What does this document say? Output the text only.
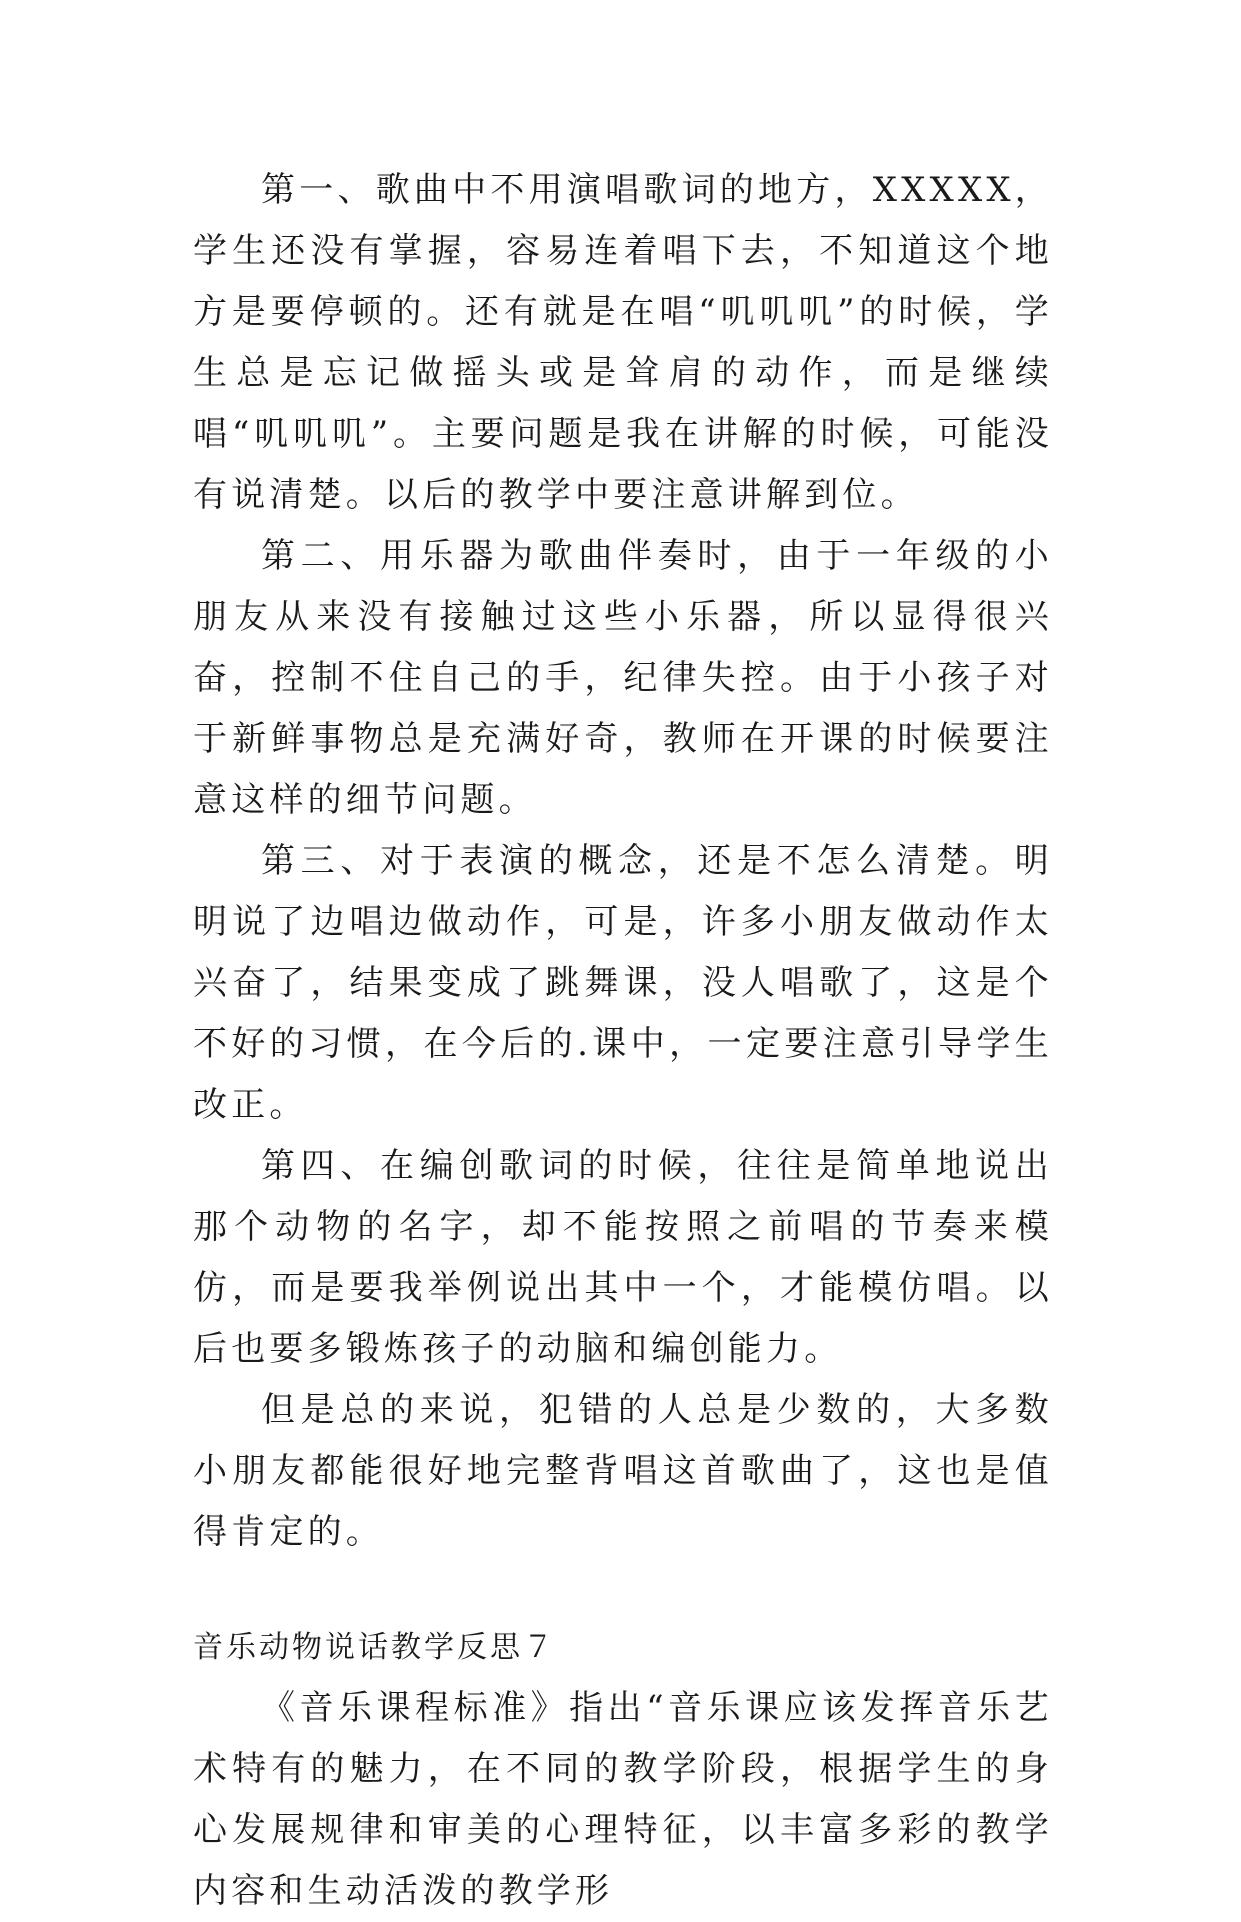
第一、歌曲中不用演唱歌词的地方，XXXXX，学生还没有掌握，容易连着唱下去，不知道这个地方是要停顿的。还有就是在唱“叽叽叽”的时候，学生总是忘记做摇头或是耸肩的动作，而是继续唱“叽叽叽”。主要问题是我在讲解的时候，可能没有说清楚。以后的教学中要注意讲解到位。

第二、用乐器为歌曲伴奏时，由于一年级的小朋友从来没有接触过这些小乐器，所以显得很兴奋，控制不住自己的手，纪律失控。由于小孩子对于新鲜事物总是充满好奇，教师在开课的时候要注意这样的细节问题。

第三、对于表演的概念，还是不怎么清楚。明明说了边唱边做动作，可是，许多小朋友做动作太兴奋了，结果变成了跳舞课，没人唱歌了，这是个不好的习惯，在今后的.课中，一定要注意引导学生改正。

第四、在编创歌词的时候，往往是简单地说出那个动物的名字，却不能按照之前唱的节奏来模仿，而是要我举例说出其中一个，才能模仿唱。以后也要多锻炼孩子的动脑和编创能力。

但是总的来说，犯错的人总是少数的，大多数小朋友都能很好地完整背唱这首歌曲了，这也是值得肯定的。

音乐动物说话教学反思７

《音乐课程标准》指出“音乐课应该发挥音乐艺术特有的魅力，在不同的教学阶段，根据学生的身心发展规律和审美的心理特征，以丰富多彩的教学内容和生动活泼的教学形
